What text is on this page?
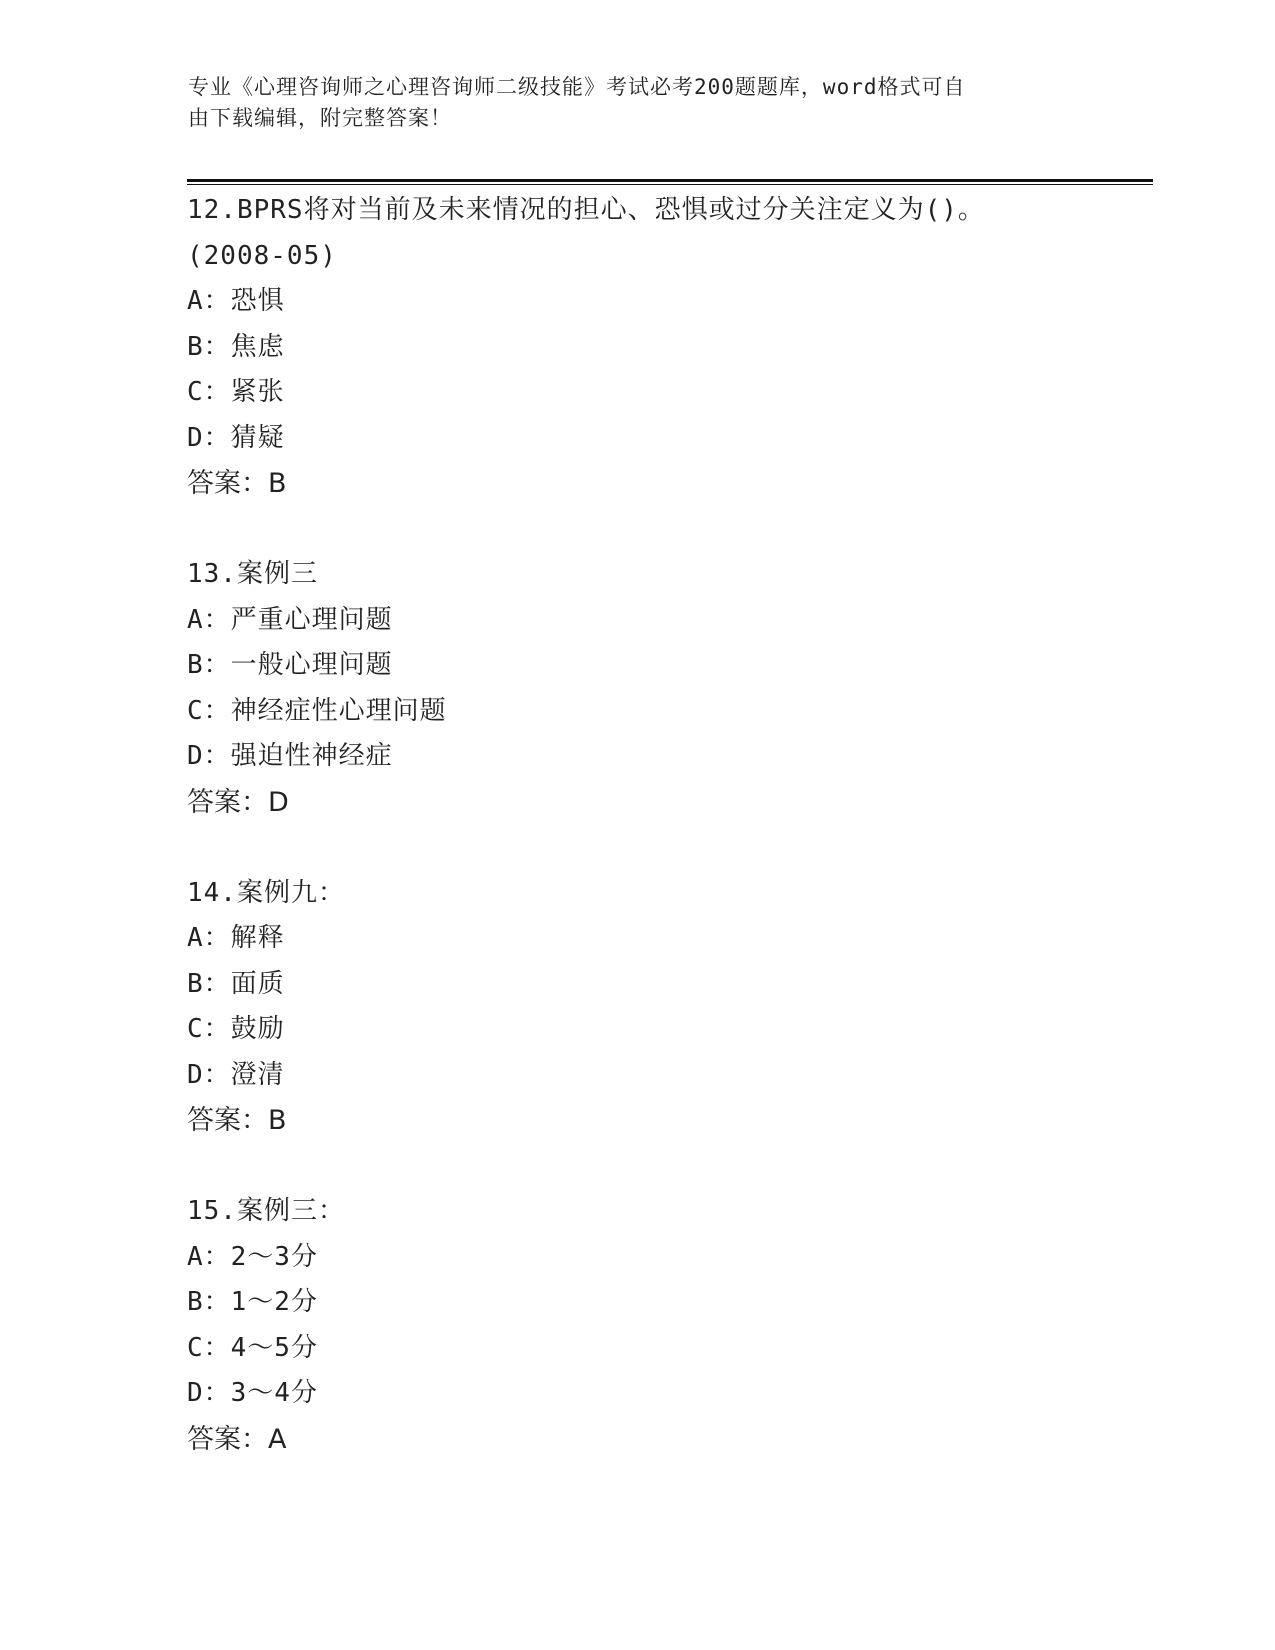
专业《心理咨询师之心理咨询师二级技能》考试必考200题题库，word格式可自
由下载编辑，附完整答案！
12.BPRS将对当前及未来情况的担心、恐惧或过分关注定义为()。
(2008-05)
A：恐惧
B：焦虑
C：紧张
D：猜疑
答案：B
13.案例三
A：严重心理问题
B：一般心理问题
C：神经症性心理问题
D：强迫性神经症
答案：D
14.案例九：
A：解释
B：面质
C：鼓励
D：澄清
答案：B
15.案例三：
A：2～3分
B：1～2分
C：4～5分
D：3～4分
答案：A
